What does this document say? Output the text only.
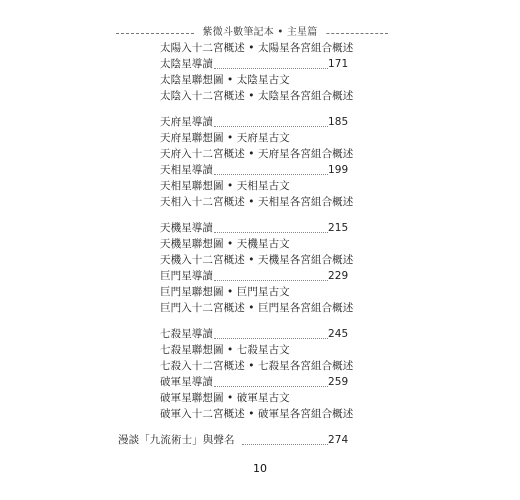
紫微斗數筆記本 • 主星篇
太陽入十二宮概述 • 太陽星各宮組合概述
太陰星導讀	171
太陰星聯想圖 • 太陰星古文
太陰入十二宮概述 • 太陰星各宮組合概述
天府星導讀	185
天府星聯想圖 • 天府星古文
天府入十二宮概述 • 天府星各宮組合概述
天相星導讀	199
天相星聯想圖 • 天相星古文
天相入十二宮概述 • 天相星各宮組合概述
天機星導讀	215
天機星聯想圖 • 天機星古文
天機入十二宮概述 • 天機星各宮組合概述
巨門星導讀	229
巨門星聯想圖 • 巨門星古文
巨門入十二宮概述 • 巨門星各宮組合概述
七殺星導讀	245
七殺星聯想圖 • 七殺星古文
七殺入十二宮概述 • 七殺星各宮組合概述
破軍星導讀	259
破軍星聯想圖 • 破軍星古文
破軍入十二宮概述 • 破軍星各宮組合概述
漫談「九流術士」與聲名	274
10
